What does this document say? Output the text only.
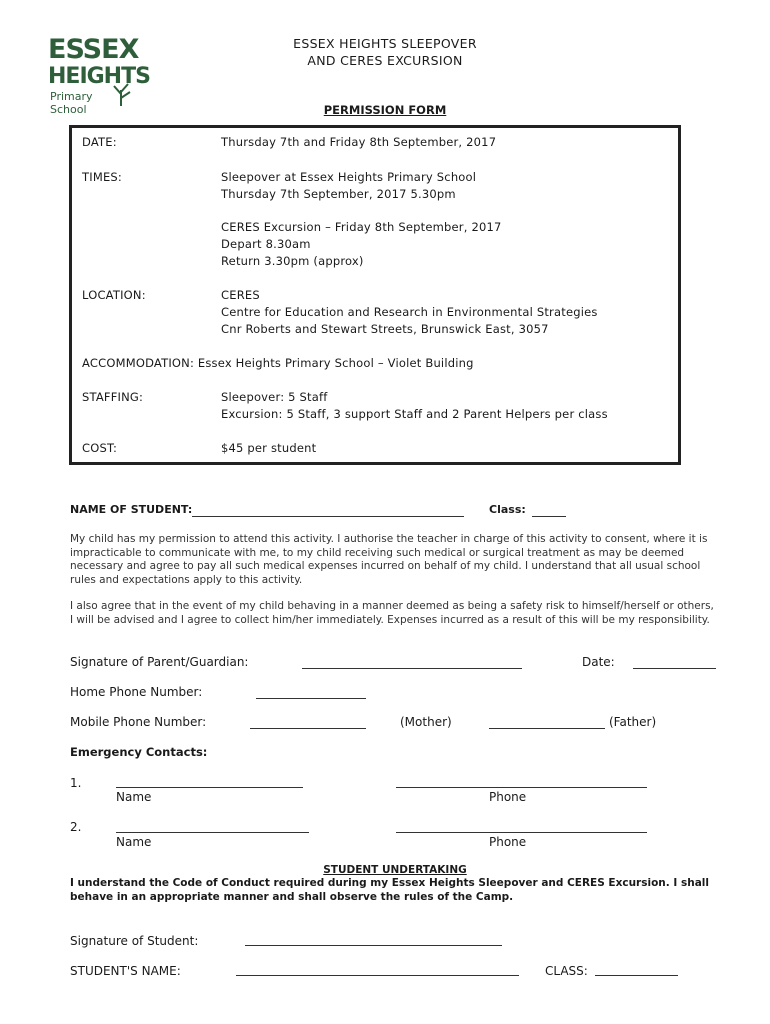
ESSEX
HEIGHTS
Primary School
ESSEX HEIGHTS SLEEPOVER
AND CERES EXCURSION
PERMISSION FORM
DATE:	Thursday 7th and Friday 8th September, 2017
TIMES:	Sleepover at Essex Heights Primary School
Thursday 7th September, 2017 5.30pm
CERES Excursion – Friday 8th September, 2017
Depart 8.30am
Return 3.30pm (approx)
LOCATION:	CERES
Centre for Education and Research in Environmental Strategies
Cnr Roberts and Stewart Streets, Brunswick East, 3057
ACCOMMODATION: Essex Heights Primary School – Violet Building
STAFFING:	Sleepover: 5 Staff
Excursion: 5 Staff, 3 support Staff and 2 Parent Helpers per class
COST:	$45 per student
NAME OF STUDENT:	Class:
My child has my permission to attend this activity. I authorise the teacher in charge of this activity to consent, where it is impracticable to communicate with me, to my child receiving such medical or surgical treatment as may be deemed necessary and agree to pay all such medical expenses incurred on behalf of my child. I understand that all usual school rules and expectations apply to this activity.
I also agree that in the event of my child behaving in a manner deemed as being a safety risk to himself/herself or others, I will be advised and I agree to collect him/her immediately. Expenses incurred as a result of this will be my responsibility.
Signature of Parent/Guardian:	Date:
Home Phone Number:
Mobile Phone Number:	(Mother)	(Father)
Emergency Contacts:
1.
Name	Phone
2.
Name	Phone
STUDENT UNDERTAKING
I understand the Code of Conduct required during my Essex Heights Sleepover and CERES Excursion. I shall behave in an appropriate manner and shall observe the rules of the Camp.
Signature of Student:
STUDENT'S NAME:	CLASS:
